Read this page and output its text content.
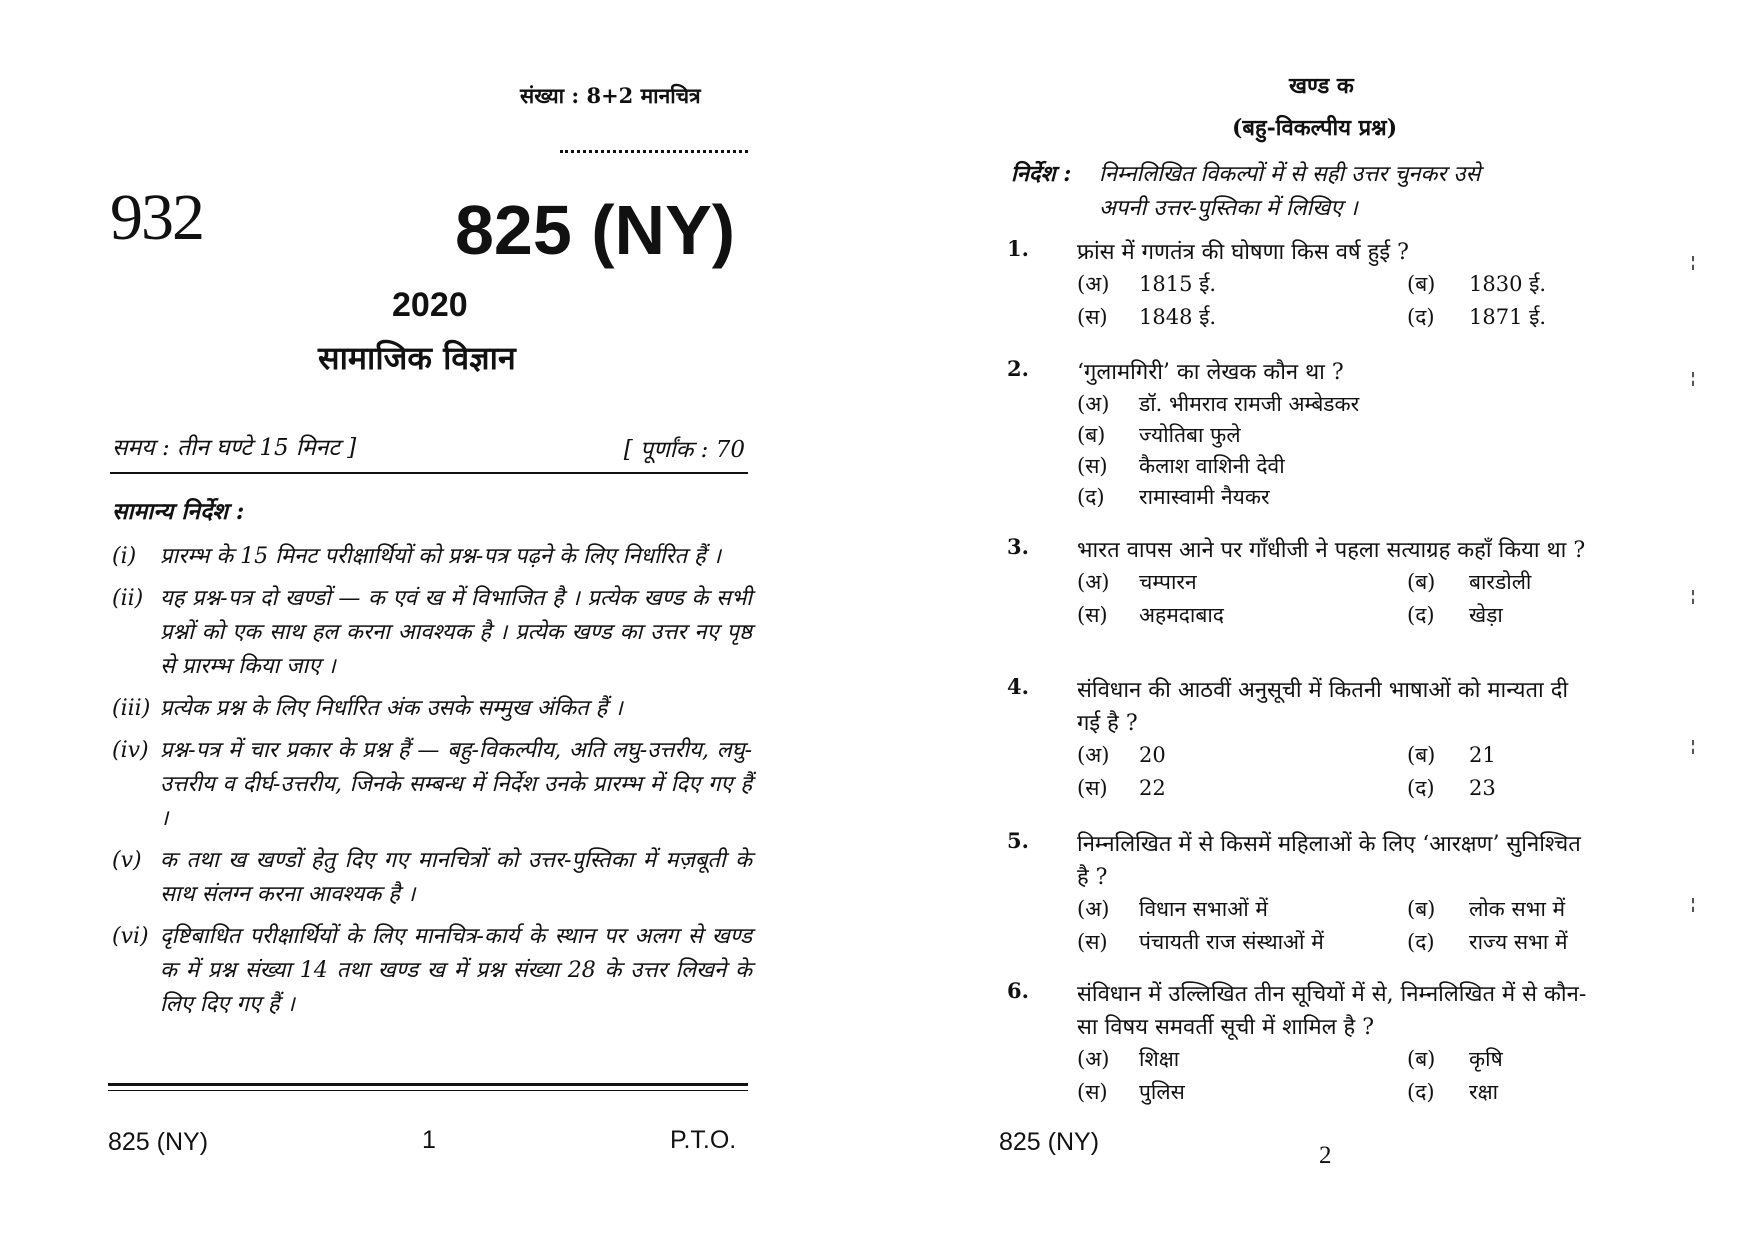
संख्या : 8+2 मानचित्र
932	825 (NY)
2020
सामाजिक विज्ञान
समय : तीन घण्टे 15 मिनट ]	[ पूर्णांक : 70
सामान्य निर्देश :
(i) प्रारम्भ के 15 मिनट परीक्षार्थियों को प्रश्न-पत्र पढ़ने के लिए निर्धारित हैं ।
(ii) यह प्रश्न-पत्र दो खण्डों — क एवं ख में विभाजित है । प्रत्येक खण्ड के सभी प्रश्नों को एक साथ हल करना आवश्यक है । प्रत्येक खण्ड का उत्तर नए पृष्ठ से प्रारम्भ किया जाए ।
(iii) प्रत्येक प्रश्न के लिए निर्धारित अंक उसके सम्मुख अंकित हैं ।
(iv) प्रश्न-पत्र में चार प्रकार के प्रश्न हैं — बहु-विकल्पीय, अति लघु-उत्तरीय, लघु-उत्तरीय व दीर्घ-उत्तरीय, जिनके सम्बन्ध में निर्देश उनके प्रारम्भ में दिए गए हैं ।
(v) क तथा ख खण्डों हेतु दिए गए मानचित्रों को उत्तर-पुस्तिका में मज़बूती के साथ संलग्न करना आवश्यक है ।
(vi) दृष्टिबाधित परीक्षार्थियों के लिए मानचित्र-कार्य के स्थान पर अलग से खण्ड क में प्रश्न संख्या 14 तथा खण्ड ख में प्रश्न संख्या 28 के उत्तर लिखने के लिए दिए गए हैं ।
825 (NY)	1	P.T.O.
खण्ड क
(बहु-विकल्पीय प्रश्न)
निर्देश : निम्नलिखित विकल्पों में से सही उत्तर चुनकर उसे अपनी उत्तर-पुस्तिका में लिखिए ।
1. फ्रांस में गणतंत्र की घोषणा किस वर्ष हुई ?
(अ) 1815 ई.	(ब) 1830 ई.
(स) 1848 ई.	(द) 1871 ई.
2. ‘गुलामगिरी’ का लेखक कौन था ?
(अ) डॉ. भीमराव रामजी अम्बेडकर
(ब) ज्योतिबा फुले
(स) कैलाश वाशिनी देवी
(द) रामास्वामी नैयकर
3. भारत वापस आने पर गाँधीजी ने पहला सत्याग्रह कहाँ किया था ?
(अ) चम्पारन	(ब) बारडोली
(स) अहमदाबाद	(द) खेड़ा
4. संविधान की आठवीं अनुसूची में कितनी भाषाओं को मान्यता दी गई है ?
(अ) 20	(ब) 21
(स) 22	(द) 23
5. निम्नलिखित में से किसमें महिलाओं के लिए ‘आरक्षण’ सुनिश्चित है ?
(अ) विधान सभाओं में	(ब) लोक सभा में
(स) पंचायती राज संस्थाओं में	(द) राज्य सभा में
6. संविधान में उल्लिखित तीन सूचियों में से, निम्नलिखित में से कौन-सा विषय समवर्ती सूची में शामिल है ?
(अ) शिक्षा	(ब) कृषि
(स) पुलिस	(द) रक्षा
825 (NY)	2
